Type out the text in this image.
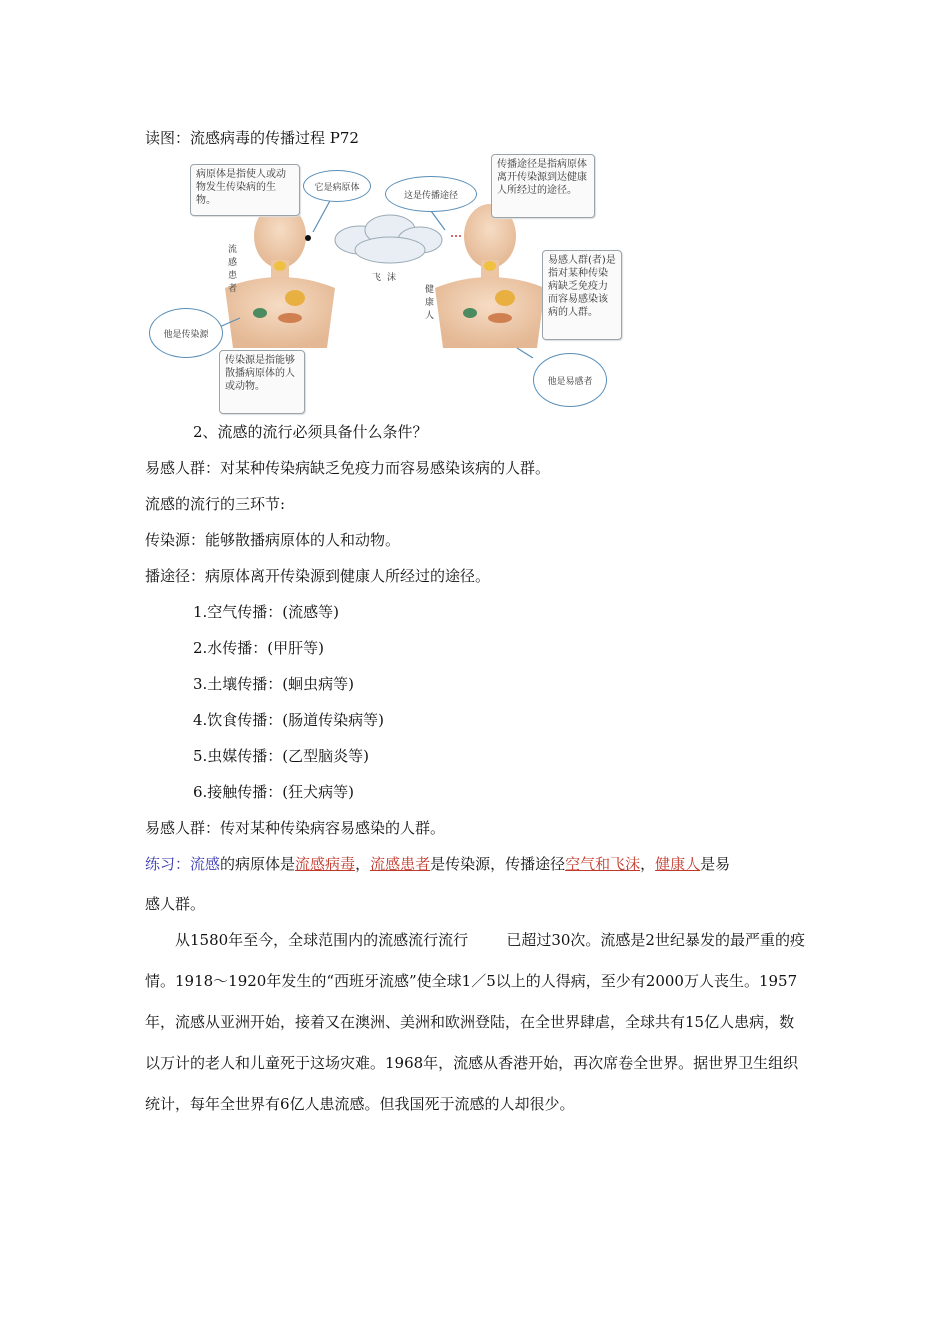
读图：流感病毒的传播过程 P72
病原体是指使人或动物发生传染病的生物。
它是病原体
这是传播途径
传播途径是指病原体离开传染源到达健康人所经过的途径。
流感患者	飞沫
健康人
易感人群(者)是指对某种传染病缺乏免疫力而容易感染该病的人群。
他是传染源
传染源是指能够散播病原体的人或动物。	他是易感者
2、流感的流行必须具备什么条件？
易感人群：对某种传染病缺乏免疫力而容易感染该病的人群。
流感的流行的三环节:
传染源：能够散播病原体的人和动物。
播途径：病原体离开传染源到健康人所经过的途径。
1.空气传播：(流感等)
2.水传播：(甲肝等)
3.土壤传播：(蛔虫病等)
4.饮食传播：(肠道传染病等)
5.虫媒传播：(乙型脑炎等)
6.接触传播：(狂犬病等)
易感人群：传对某种传染病容易感染的人群。
练习：流感的病原体是流感病毒，流感患者是传染源，传播途径空气和飞沫，健康人是易
感人群。
从1580年至今，全球范围内的流感流行流行        已超过30次。流感是2世纪暴发的最严重的疫情。1918～1920年发生的“西班牙流感”使全球1／5以上的人得病，至少有2000万人丧生。1957年，流感从亚洲开始，接着又在澳洲、美洲和欧洲登陆，在全世界肆虐，全球共有15亿人患病，数以万计的老人和儿童死于这场灾难。1968年，流感从香港开始，再次席卷全世界。据世界卫生组织统计，每年全世界有6亿人患流感。但我国死于流感的人却很少。
